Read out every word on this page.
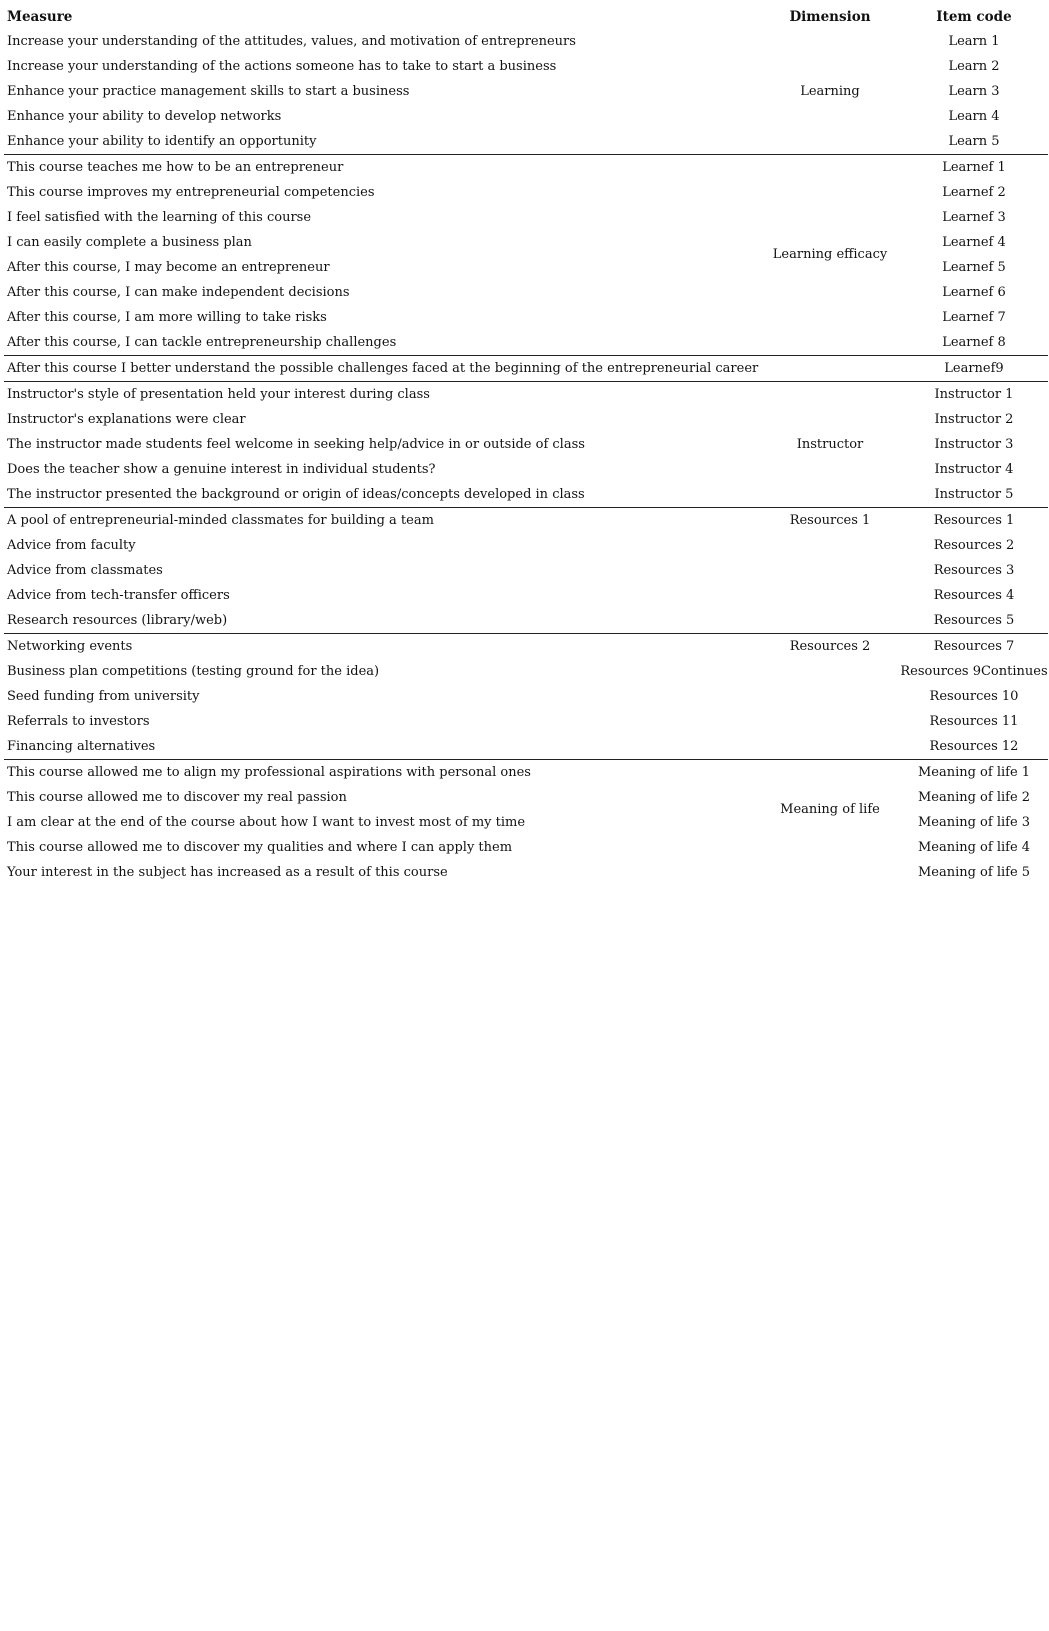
Measure	Dimension	Item code
Increase your understanding of the attitudes, values, and motivation of entrepreneurs		Learn 1
Increase your understanding of the actions someone has to take to start a business		Learn 2
Enhance your practice management skills to start a business	Learning	Learn 3
Enhance your ability to develop networks		Learn 4
Enhance your ability to identify an opportunity		Learn 5
This course teaches me how to be an entrepreneur		Learnef 1
This course improves my entrepreneurial competencies		Learnef 2
I feel satisfied with the learning of this course		Learnef 3
I can easily complete a business plan	Learning efficacy	Learnef 4
After this course, I may become an entrepreneur		Learnef 5
After this course, I can make independent decisions		Learnef 6
After this course, I am more willing to take risks		Learnef 7
After this course, I can tackle entrepreneurship challenges		Learnef 8
After this course I better understand the possible challenges faced at the beginning of the entrepreneurial career		Learnef9
Instructor's style of presentation held your interest during class		Instructor 1
Instructor's explanations were clear		Instructor 2
The instructor made students feel welcome in seeking help/advice in or outside of class	Instructor	Instructor 3
Does the teacher show a genuine interest in individual students?		Instructor 4
The instructor presented the background or origin of ideas/concepts developed in class		Instructor 5
A pool of entrepreneurial-minded classmates for building a team	Resources 1	Resources 1
Advice from faculty		Resources 2
Advice from classmates		Resources 3
Advice from tech-transfer officers		Resources 4
Research resources (library/web)		Resources 5
Networking events	Resources 2	Resources 7
Business plan competitions (testing ground for the idea)		Resources 9Continues
Seed funding from university		Resources 10
Referrals to investors		Resources 11
Financing alternatives		Resources 12
This course allowed me to align my professional aspirations with personal ones		Meaning of life 1
This course allowed me to discover my real passion	Meaning of life	Meaning of life 2
I am clear at the end of the course about how I want to invest most of my time		Meaning of life 3
This course allowed me to discover my qualities and where I can apply them		Meaning of life 4
Your interest in the subject has increased as a result of this course		Meaning of life 5
